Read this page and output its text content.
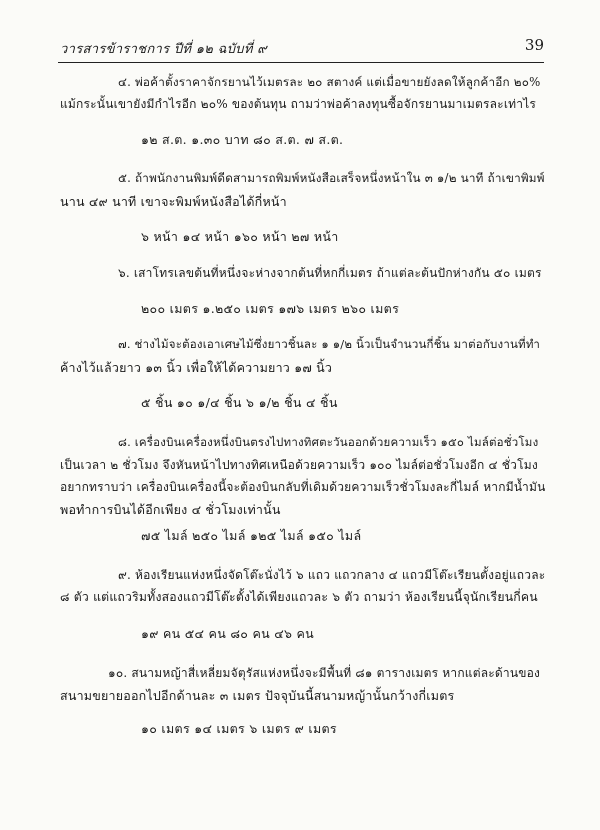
วารสารข้าราชการ ปีที่ ๑๒ ฉบับที่ ๙	39
๔. พ่อค้าตั้งราคาจักรยานไว้เมตรละ ๒๐ สตางค์ แต่เมื่อขายยังลดให้ลูกค้าอีก ๒๐%
แม้กระนั้นเขายังมีกำไรอีก ๒๐% ของต้นทุน ถามว่าพ่อค้าลงทุนซื้อจักรยานมาเมตรละเท่าไร
๑๒ ส.ต. ๑.๓๐ บาท ๘๐ ส.ต. ๗ ส.ต.
๕. ถ้าพนักงานพิมพ์ดีดสามารถพิมพ์หนังสือเสร็จหนึ่งหน้าใน ๓ ๑/๒ นาที ถ้าเขาพิมพ์
นาน ๔๙ นาที เขาจะพิมพ์หนังสือได้กี่หน้า
๖ หน้า ๑๔ หน้า ๑๖๐ หน้า ๒๗ หน้า
๖. เสาโทรเลขต้นที่หนึ่งจะห่างจากต้นที่หกกี่เมตร ถ้าแต่ละต้นปักห่างกัน ๕๐ เมตร
๒๐๐ เมตร ๑.๒๕๐ เมตร ๑๗๖ เมตร ๒๖๐ เมตร
๗. ช่างไม้จะต้องเอาเศษไม้ซึ่งยาวชิ้นละ ๑ ๑/๒ นิ้วเป็นจำนวนกี่ชิ้น มาต่อกับงานที่ทำ
ค้างไว้แล้วยาว ๑๓ นิ้ว เพื่อให้ได้ความยาว ๑๗ นิ้ว
๕ ชิ้น ๑๐ ๑/๔ ชิ้น ๖ ๑/๒ ชิ้น ๔ ชิ้น
๘. เครื่องบินเครื่องหนึ่งบินตรงไปทางทิศตะวันออกด้วยความเร็ว ๑๕๐ ไมล์ต่อชั่วโมง
เป็นเวลา ๒ ชั่วโมง จึงหันหน้าไปทางทิศเหนือด้วยความเร็ว ๑๐๐ ไมล์ต่อชั่วโมงอีก ๔ ชั่วโมง
อยากทราบว่า เครื่องบินเครื่องนี้จะต้องบินกลับที่เดิมด้วยความเร็วชั่วโมงละกี่ไมล์ หากมีน้ำมัน
พอทำการบินได้อีกเพียง ๔ ชั่วโมงเท่านั้น
๗๕ ไมล์ ๒๕๐ ไมล์ ๑๒๕ ไมล์ ๑๕๐ ไมล์
๙. ห้องเรียนแห่งหนึ่งจัดโต๊ะนั่งไว้ ๖ แถว แถวกลาง ๔ แถวมีโต๊ะเรียนตั้งอยู่แถวละ
๘ ตัว แต่แถวริมทั้งสองแถวมีโต๊ะตั้งได้เพียงแถวละ ๖ ตัว ถามว่า ห้องเรียนนี้จุนักเรียนกี่คน
๑๙ คน ๕๔ คน ๘๐ คน ๔๖ คน
๑๐. สนามหญ้าสี่เหลี่ยมจัตุรัสแห่งหนึ่งจะมีพื้นที่ ๘๑ ตารางเมตร หากแต่ละด้านของ
สนามขยายออกไปอีกด้านละ ๓ เมตร ปัจจุบันนี้สนามหญ้านั้นกว้างกี่เมตร
๑๐ เมตร ๑๔ เมตร ๖ เมตร ๙ เมตร
